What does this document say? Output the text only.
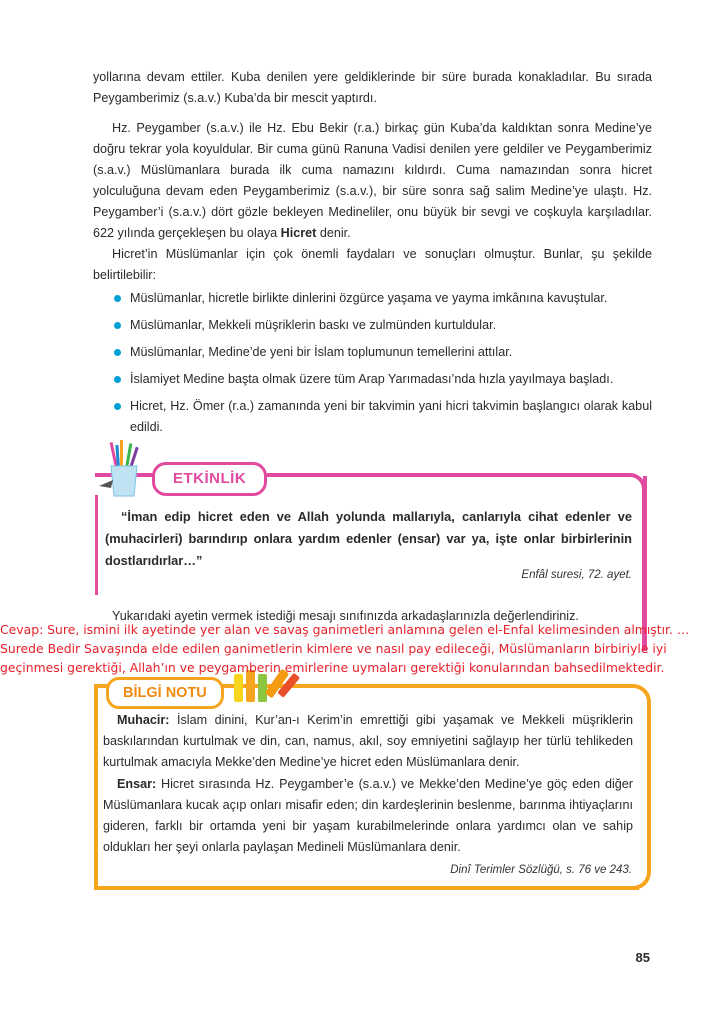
yollarına devam ettiler. Kuba denilen yere geldiklerinde bir süre burada konakladılar. Bu sırada Peygamberimiz (s.a.v.) Kuba’da bir mescit yaptırdı.

Hz. Peygamber (s.a.v.) ile Hz. Ebu Bekir (r.a.) birkaç gün Kuba’da kaldıktan sonra Medine’ye doğru tekrar yola koyuldular. Bir cuma günü Ranuna Vadisi denilen yere geldiler ve Peygamberimiz (s.a.v.) Müslümanlara burada ilk cuma namazını kıldırdı. Cuma namazından sonra hicret yolculuğuna devam eden Peygamberimiz (s.a.v.), bir süre sonra sağ salim Medine’ye ulaştı. Hz. Peygamber’i (s.a.v.) dört gözle bekleyen Medineliler, onu büyük bir sevgi ve coşkuyla karşıladılar. 622 yılında gerçekleşen bu olaya Hicret denir.

Hicret’in Müslümanlar için çok önemli faydaları ve sonuçları olmuştur. Bunlar, şu şekilde belirtilebilir:

Müslümanlar, hicretle birlikte dinlerini özgürce yaşama ve yayma imkânına kavuştular.
Müslümanlar, Mekkeli müşriklerin baskı ve zulmünden kurtuldular.
Müslümanlar, Medine’de yeni bir İslam toplumunun temellerini attılar.
İslamiyet Medine başta olmak üzere tüm Arap Yarımadası’nda hızla yayılmaya başladı.
Hicret, Hz. Ömer (r.a.) zamanında yeni bir takvimin yani hicri takvimin başlangıcı olarak kabul edildi.
ETKİNLİK

“İman edip hicret eden ve Allah yolunda mallarıyla, canlarıyla cihat edenler ve (muhacirleri) barındırıp onlara yardım edenler (ensar) var ya, işte onlar birbirlerinin dostlarıdırlar…”

Enfâl suresi, 72. ayet.
Yukarıdaki ayetin vermek istediği mesajı sınıfınızda arkadaşlarınızla değerlendiriniz.
BİLGİ NOTU
Cevap: Sure, ismini ilk ayetinde yer alan ve savaş ganimetleri anlamına gelen el-Enfal kelimesinden almıştır. … Surede Bedir Savaşında elde edilen ganimetlerin kimlere ve nasıl pay edileceği, Müslümanların birbiriyle iyi geçinmesi gerektiği, Allah’ın ve peygamberin emirlerine uymaları gerektiği konularından bahsedilmektedir.

Muhacir: İslam dinini, Kur’an-ı Kerim’in emrettiği gibi yaşamak ve Mekkeli müşriklerin baskılarından kurtulmak ve din, can, namus, akıl, soy emniyetini sağlayıp her türlü tehlikeden kurtulmak amacıyla Mekke’den Medine’ye hicret eden Müslümanlara denir.

Ensar: Hicret sırasında Hz. Peygamber’e (s.a.v.) ve Mekke’den Medine’ye göç eden diğer Müslümanlara kucak açıp onları misafir eden; din kardeşlerinin beslenme, barınma ihtiyaçlarını gideren, farklı bir ortamda yeni bir yaşam kurabilmelerinde onlara yardımcı olan ve sahip oldukları her şeyi onlarla paylaşan Medineli Müslümanlara denir.

Dinî Terimler Sözlüğü, s. 76 ve 243.
85
